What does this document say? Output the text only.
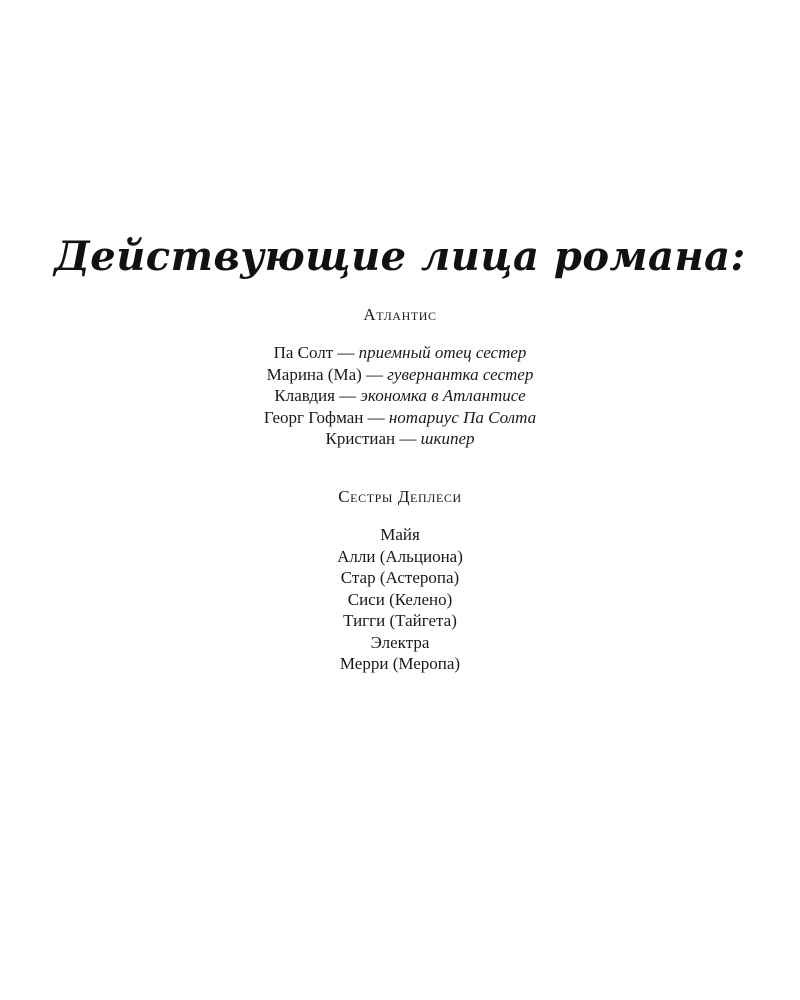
Действующие лица романа:
Атлантис
Па Солт — приемный отец сестер
Марина (Ма) — гувернантка сестер
Клавдия — экономка в Атлантисе
Георг Гофман — нотариус Па Солта
Кристиан — шкипер
Сестры Деплеси
Майя
Алли (Альциона)
Стар (Астеропа)
Сиси (Келено)
Тигги (Тайгета)
Электра
Мерри (Меропа)
